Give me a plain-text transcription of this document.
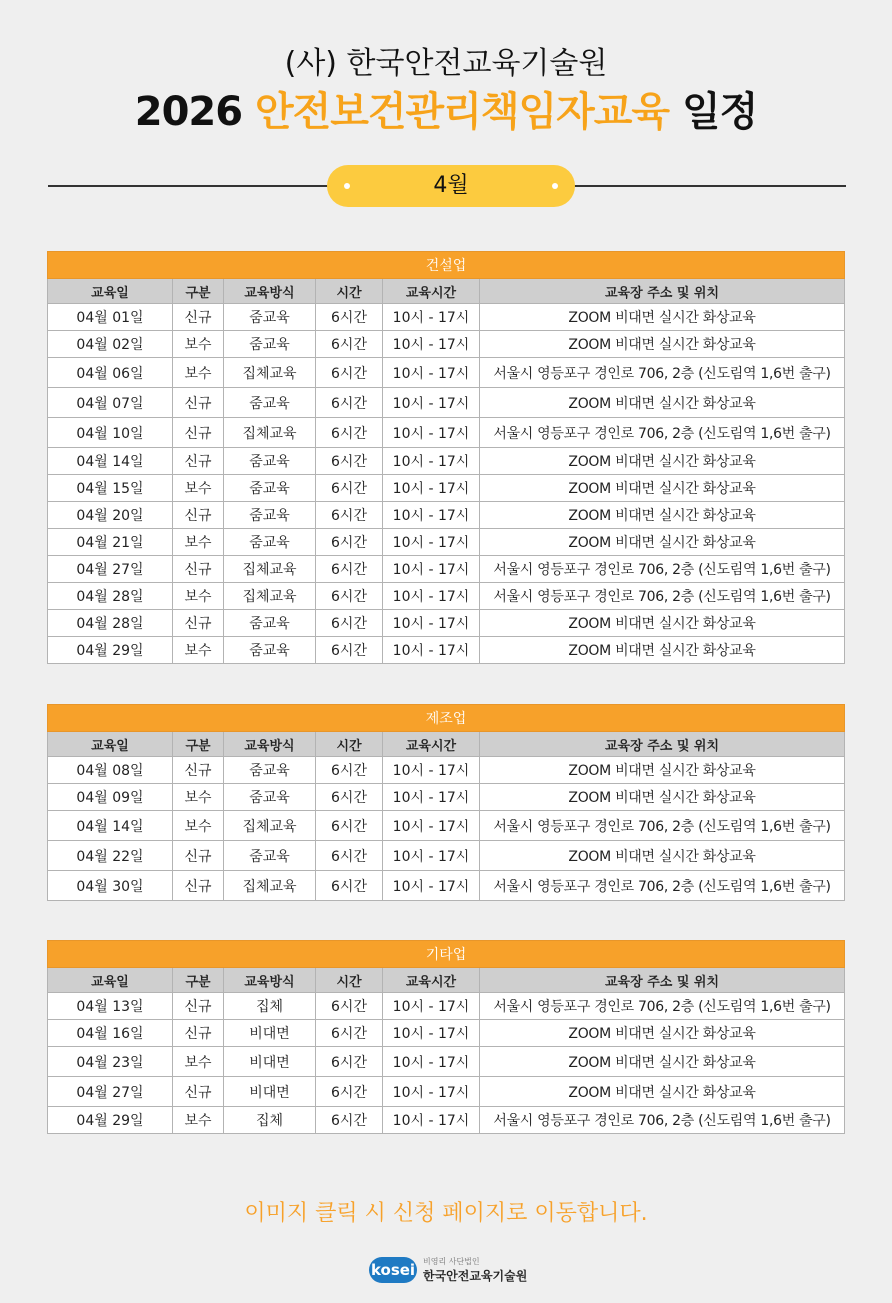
(사) 한국안전교육기술원
2026 안전보건관리책임자교육 일정
4월
건설업					
교육일	구분	교육방식	시간	교육시간	교육장 주소 및 위치
04월 01일	신규	줌교육	6시간	10시 - 17시	ZOOM 비대면 실시간 화상교육
04월 02일	보수	줌교육	6시간	10시 - 17시	ZOOM 비대면 실시간 화상교육
04월 06일	보수	집체교육	6시간	10시 - 17시	서울시 영등포구 경인로 706, 2층 (신도림역 1,6번 출구)
04월 07일	신규	줌교육	6시간	10시 - 17시	ZOOM 비대면 실시간 화상교육
04월 10일	신규	집체교육	6시간	10시 - 17시	서울시 영등포구 경인로 706, 2층 (신도림역 1,6번 출구)
04월 14일	신규	줌교육	6시간	10시 - 17시	ZOOM 비대면 실시간 화상교육
04월 15일	보수	줌교육	6시간	10시 - 17시	ZOOM 비대면 실시간 화상교육
04월 20일	신규	줌교육	6시간	10시 - 17시	ZOOM 비대면 실시간 화상교육
04월 21일	보수	줌교육	6시간	10시 - 17시	ZOOM 비대면 실시간 화상교육
04월 27일	신규	집체교육	6시간	10시 - 17시	서울시 영등포구 경인로 706, 2층 (신도림역 1,6번 출구)
04월 28일	보수	집체교육	6시간	10시 - 17시	서울시 영등포구 경인로 706, 2층 (신도림역 1,6번 출구)
04월 28일	신규	줌교육	6시간	10시 - 17시	ZOOM 비대면 실시간 화상교육
04월 29일	보수	줌교육	6시간	10시 - 17시	ZOOM 비대면 실시간 화상교육
제조업					
교육일	구분	교육방식	시간	교육시간	교육장 주소 및 위치
04월 08일	신규	줌교육	6시간	10시 - 17시	ZOOM 비대면 실시간 화상교육
04월 09일	보수	줌교육	6시간	10시 - 17시	ZOOM 비대면 실시간 화상교육
04월 14일	보수	집체교육	6시간	10시 - 17시	서울시 영등포구 경인로 706, 2층 (신도림역 1,6번 출구)
04월 22일	신규	줌교육	6시간	10시 - 17시	ZOOM 비대면 실시간 화상교육
04월 30일	신규	집체교육	6시간	10시 - 17시	서울시 영등포구 경인로 706, 2층 (신도림역 1,6번 출구)
기타업					
교육일	구분	교육방식	시간	교육시간	교육장 주소 및 위치
04월 13일	신규	집체	6시간	10시 - 17시	서울시 영등포구 경인로 706, 2층 (신도림역 1,6번 출구)
04월 16일	신규	비대면	6시간	10시 - 17시	ZOOM 비대면 실시간 화상교육
04월 23일	보수	비대면	6시간	10시 - 17시	ZOOM 비대면 실시간 화상교육
04월 27일	신규	비대면	6시간	10시 - 17시	ZOOM 비대면 실시간 화상교육
04월 29일	보수	집체	6시간	10시 - 17시	서울시 영등포구 경인로 706, 2층 (신도림역 1,6번 출구)
이미지 클릭 시 신청 페이지로 이동합니다.
kosei 비영리 사단법인
한국안전교육기술원
